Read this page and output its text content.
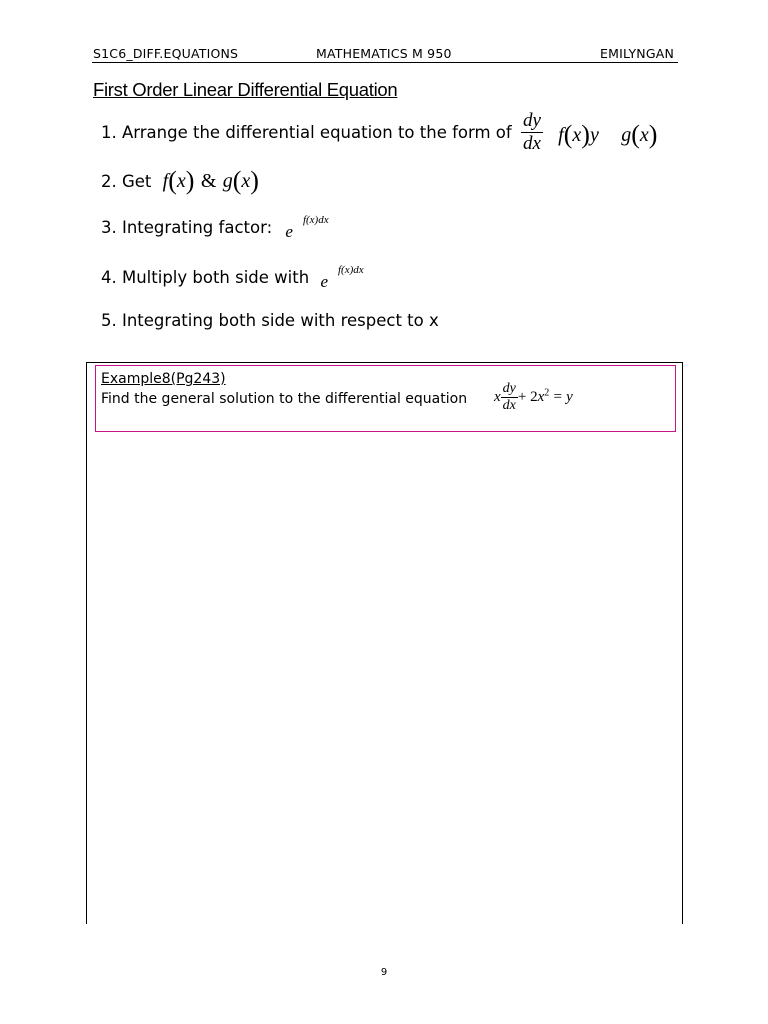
S1C6_DIFF.EQUATIONS	MATHEMATICS M 950	EMILYNGAN
First Order Linear Differential Equation
1. Arrange the differential equation to the form of $\frac{dy}{dx} f(x)y$ g(x)
2. Get f(x) & g(x)
3. Integrating factor: $e^{f(x)dx}$
4. Multiply both side with $e^{f(x)dx}$
5. Integrating both side with respect to x
Example8(Pg243)
Find the general solution to the differential equation x $\frac{dy}{dx} + 2x^2 = y$
9
